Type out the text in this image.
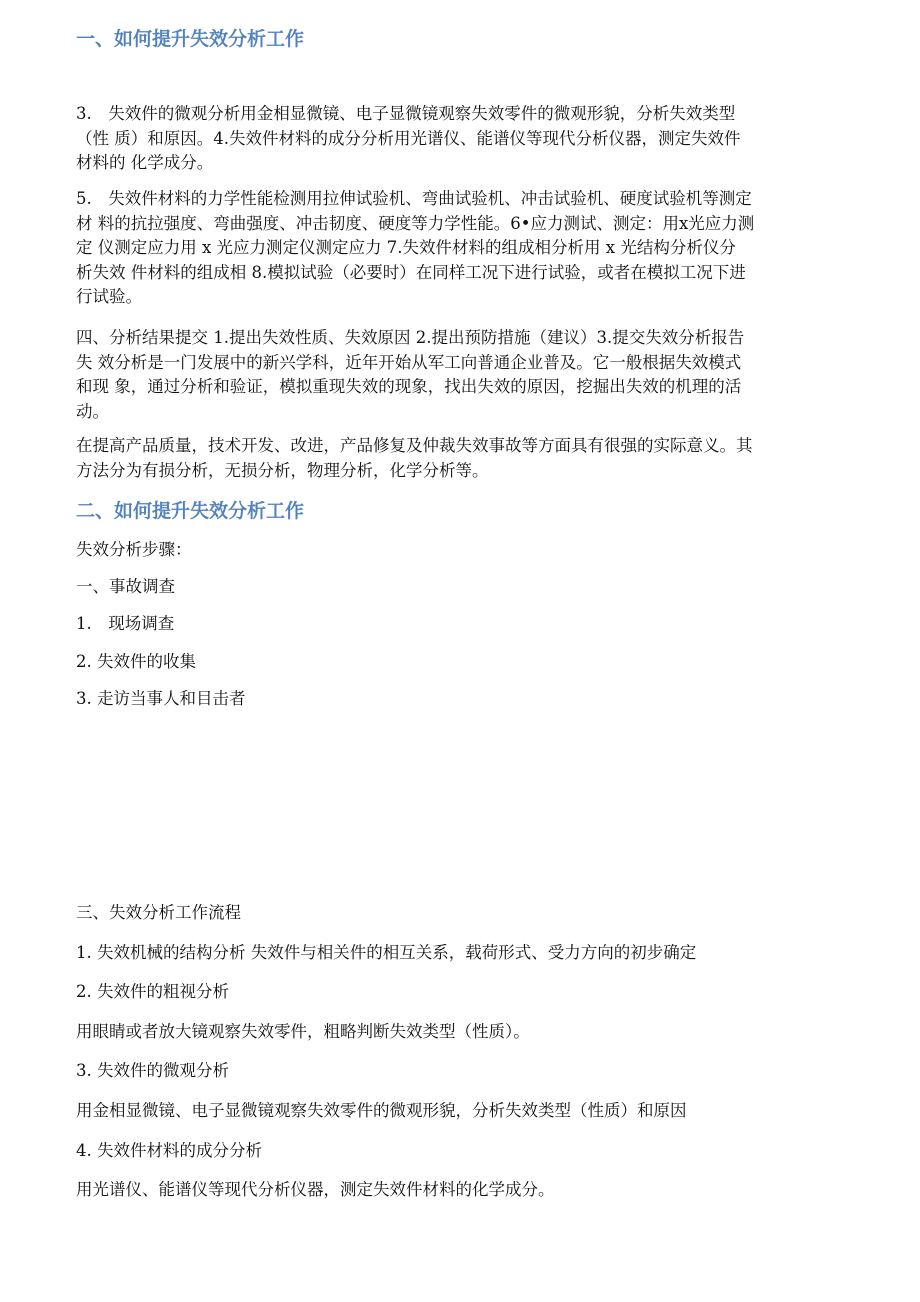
一、如何提升失效分析工作
3.　失效件的微观分析用金相显微镜、电子显微镜观察失效零件的微观形貌，分析失效类型
（性 质）和原因。4.失效件材料的成分分析用光谱仪、能谱仪等现代分析仪器，测定失效件
材料的 化学成分。
5.　失效件材料的力学性能检测用拉伸试验机、弯曲试验机、冲击试验机、硬度试验机等测定
材 料的抗拉强度、弯曲强度、冲击韧度、硬度等力学性能。6•应力测试、测定：用x光应力测
定 仪测定应力用 x 光应力测定仪测定应力 7.失效件材料的组成相分析用 x 光结构分析仪分
析失效 件材料的组成相 8.模拟试验（必要时）在同样工况下进行试验，或者在模拟工况下进
行试验。
四、分析结果提交 1.提出失效性质、失效原因 2.提出预防措施（建议）3.提交失效分析报告
失 效分析是一门发展中的新兴学科，近年开始从军工向普通企业普及。它一般根据失效模式
和现 象，通过分析和验证，模拟重现失效的现象，找出失效的原因，挖掘出失效的机理的活
动。
在提高产品质量，技术开发、改进，产品修复及仲裁失效事故等方面具有很强的实际意义。其
方法分为有损分析，无损分析，物理分析，化学分析等。
二、如何提升失效分析工作
失效分析步骤：
一、事故调查
1.　现场调查
2. 失效件的收集
3. 走访当事人和目击者
三、失效分析工作流程
1. 失效机械的结构分析 失效件与相关件的相互关系，载荷形式、受力方向的初步确定
2. 失效件的粗视分析
用眼睛或者放大镜观察失效零件，粗略判断失效类型（性质）。
3. 失效件的微观分析
用金相显微镜、电子显微镜观察失效零件的微观形貌，分析失效类型（性质）和原因
4. 失效件材料的成分分析
用光谱仪、能谱仪等现代分析仪器，测定失效件材料的化学成分。
